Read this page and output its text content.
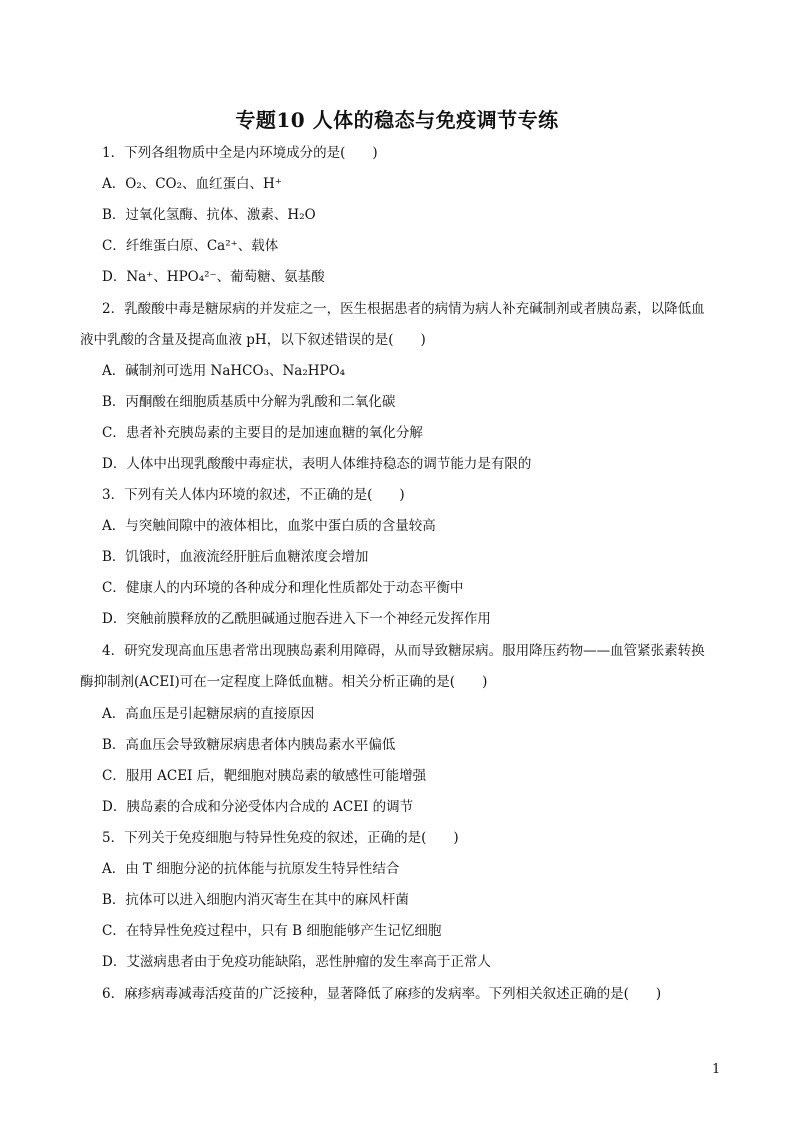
专题10 人体的稳态与免疫调节专练
1．下列各组物质中全是内环境成分的是(　　)
A．O₂、CO₂、血红蛋白、H⁺
B．过氧化氢酶、抗体、激素、H₂O
C．纤维蛋白原、Ca²⁺、载体
D．Na⁺、HPO₄²⁻、葡萄糖、氨基酸
2．乳酸酸中毒是糖尿病的并发症之一，医生根据患者的病情为病人补充碱制剂或者胰岛素，以降低血
液中乳酸的含量及提高血液 pH，以下叙述错误的是(　　)
A．碱制剂可选用 NaHCO₃、Na₂HPO₄
B．丙酮酸在细胞质基质中分解为乳酸和二氧化碳
C．患者补充胰岛素的主要目的是加速血糖的氧化分解
D．人体中出现乳酸酸中毒症状，表明人体维持稳态的调节能力是有限的
3．下列有关人体内环境的叙述，不正确的是(　　)
A．与突触间隙中的液体相比，血浆中蛋白质的含量较高
B．饥饿时，血液流经肝脏后血糖浓度会增加
C．健康人的内环境的各种成分和理化性质都处于动态平衡中
D．突触前膜释放的乙酰胆碱通过胞吞进入下一个神经元发挥作用
4．研究发现高血压患者常出现胰岛素利用障碍，从而导致糖尿病。服用降压药物——血管紧张素转换
酶抑制剂(ACEI)可在一定程度上降低血糖。相关分析正确的是(　　)
A．高血压是引起糖尿病的直接原因
B．高血压会导致糖尿病患者体内胰岛素水平偏低
C．服用 ACEI 后，靶细胞对胰岛素的敏感性可能增强
D．胰岛素的合成和分泌受体内合成的 ACEI 的调节
5．下列关于免疫细胞与特异性免疫的叙述，正确的是(　　)
A．由 T 细胞分泌的抗体能与抗原发生特异性结合
B．抗体可以进入细胞内消灭寄生在其中的麻风杆菌
C．在特异性免疫过程中，只有 B 细胞能够产生记忆细胞
D．艾滋病患者由于免疫功能缺陷，恶性肿瘤的发生率高于正常人
6．麻疹病毒减毒活疫苗的广泛接种，显著降低了麻疹的发病率。下列相关叙述正确的是(　　)
1
